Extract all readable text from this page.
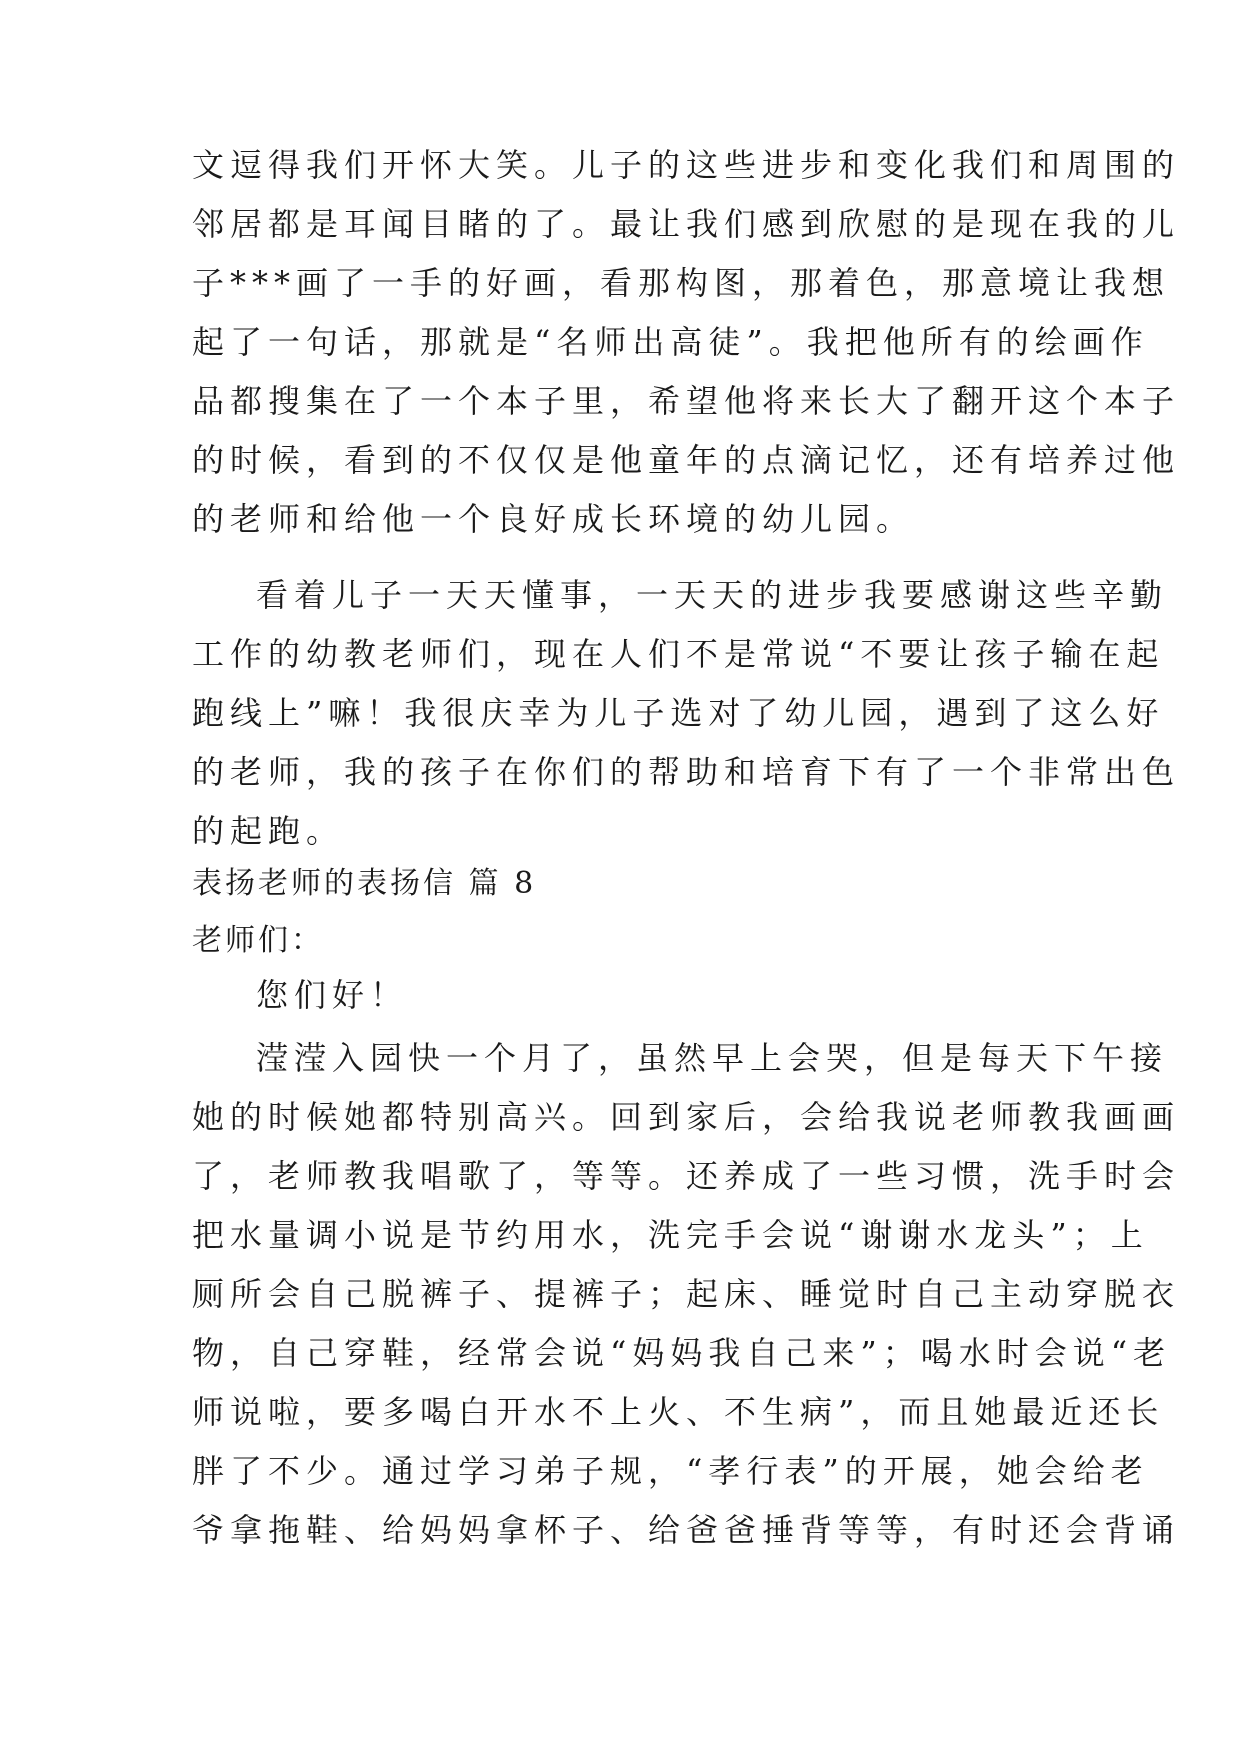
文逗得我们开怀大笑。儿子的这些进步和变化我们和周围的
邻居都是耳闻目睹的了。最让我们感到欣慰的是现在我的儿
子***画了一手的好画，看那构图，那着色，那意境让我想
起了一句话，那就是“名师出高徒”。我把他所有的绘画作
品都搜集在了一个本子里，希望他将来长大了翻开这个本子
的时候，看到的不仅仅是他童年的点滴记忆，还有培养过他
的老师和给他一个良好成长环境的幼儿园。
看着儿子一天天懂事，一天天的进步我要感谢这些辛勤
工作的幼教老师们，现在人们不是常说“不要让孩子输在起
跑线上”嘛！我很庆幸为儿子选对了幼儿园，遇到了这么好
的老师，我的孩子在你们的帮助和培育下有了一个非常出色
的起跑。
表扬老师的表扬信 篇 8
老师们：
您们好！
滢滢入园快一个月了，虽然早上会哭，但是每天下午接
她的时候她都特别高兴。回到家后，会给我说老师教我画画
了，老师教我唱歌了，等等。还养成了一些习惯，洗手时会
把水量调小说是节约用水，洗完手会说“谢谢水龙头”；上
厕所会自己脱裤子、提裤子；起床、睡觉时自己主动穿脱衣
物，自己穿鞋，经常会说“妈妈我自己来”；喝水时会说“老
师说啦，要多喝白开水不上火、不生病”，而且她最近还长
胖了不少。通过学习弟子规，“孝行表”的开展，她会给老
爷拿拖鞋、给妈妈拿杯子、给爸爸捶背等等，有时还会背诵
